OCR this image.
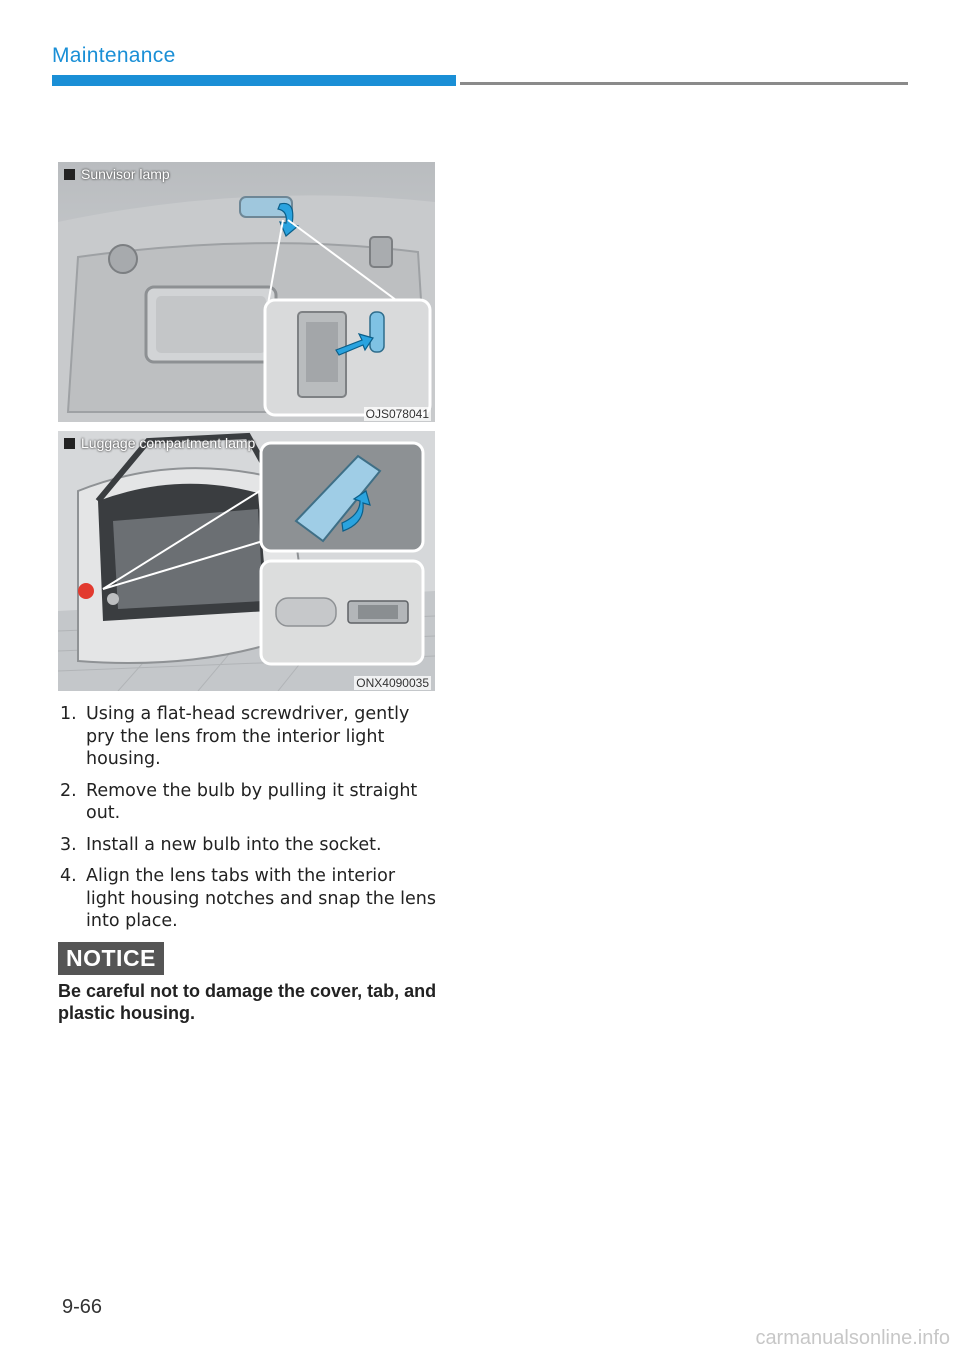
Maintenance
Sunvisor lamp
OJS078041
Luggage compartment lamp
ONX4090035
1. Using a flat-head screwdriver, gently pry the lens from the interior light housing.
2. Remove the bulb by pulling it straight out.
3. Install a new bulb into the socket.
4. Align the lens tabs with the interior light housing notches and snap the lens into place.
NOTICE
Be careful not to damage the cover, tab, and plastic housing.
9-66
carmanualsonline.info
